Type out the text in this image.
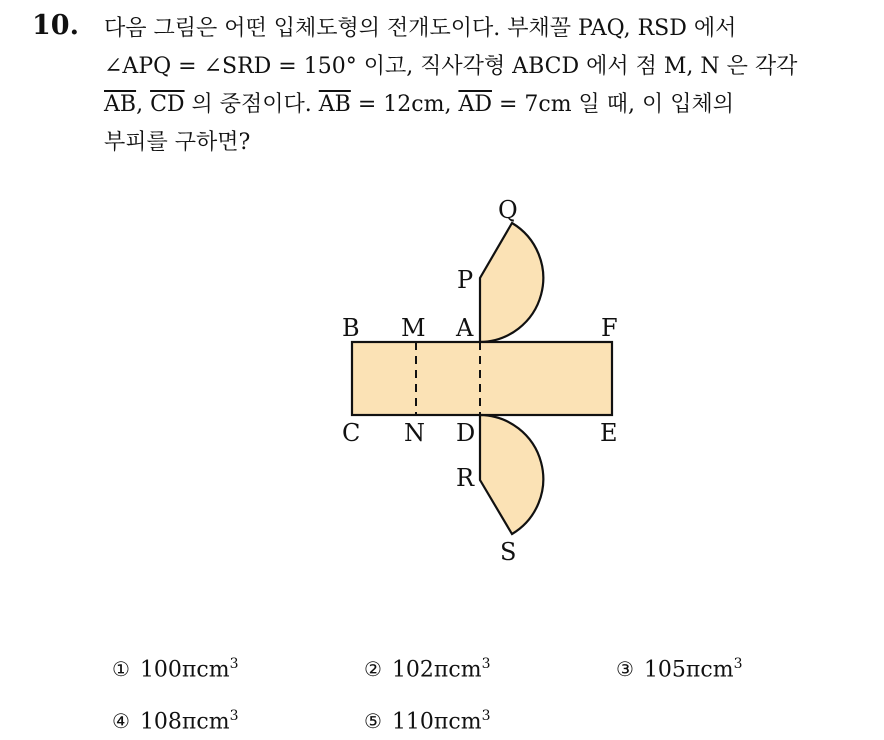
10. 다음 그림은 어떤 입체도형의 전개도이다. 부채꼴 PAQ, RSD 에서
∠APQ = ∠SRD = 150° 이고, 직사각형 ABCD 에서 점 M, N 은 각각
$\overline{AB}$, $\overline{CD}$ 의 중점이다. $\overline{AB} = 12cm$, $\overline{AD} = 7cm$ 일 때, 이 입체의
부피를 구하면?
Q
P
B M A	F
C N D	E
R
S
① 100πcm$^3$	② 102πcm$^3$	③ 105πcm$^3$
④ 108πcm$^3$	⑤ 110πcm$^3$
